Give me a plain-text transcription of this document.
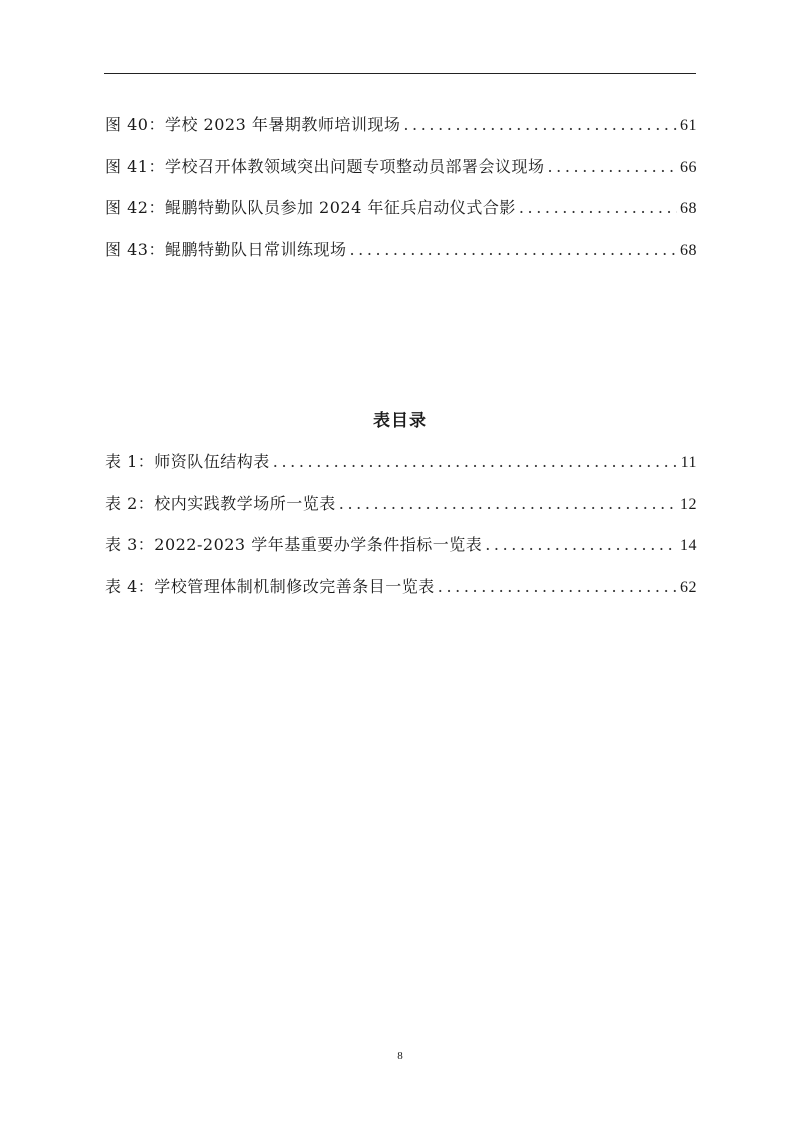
图 40：学校 2023 年暑期教师培训现场 .....	61
图 41：学校召开体教领域突出问题专项整动员部署会议现场 .....	66
图 42：鲲鹏特勤队队员参加 2024 年征兵启动仪式合影 .....	68
图 43：鲲鹏特勤队日常训练现场 .....	68
表目录
表 1：师资队伍结构表 .....	11
表 2：校内实践教学场所一览表 .....	12
表 3：2022-2023 学年基重要办学条件指标一览表 .....	14
表 4：学校管理体制机制修改完善条目一览表 .....	62
8
